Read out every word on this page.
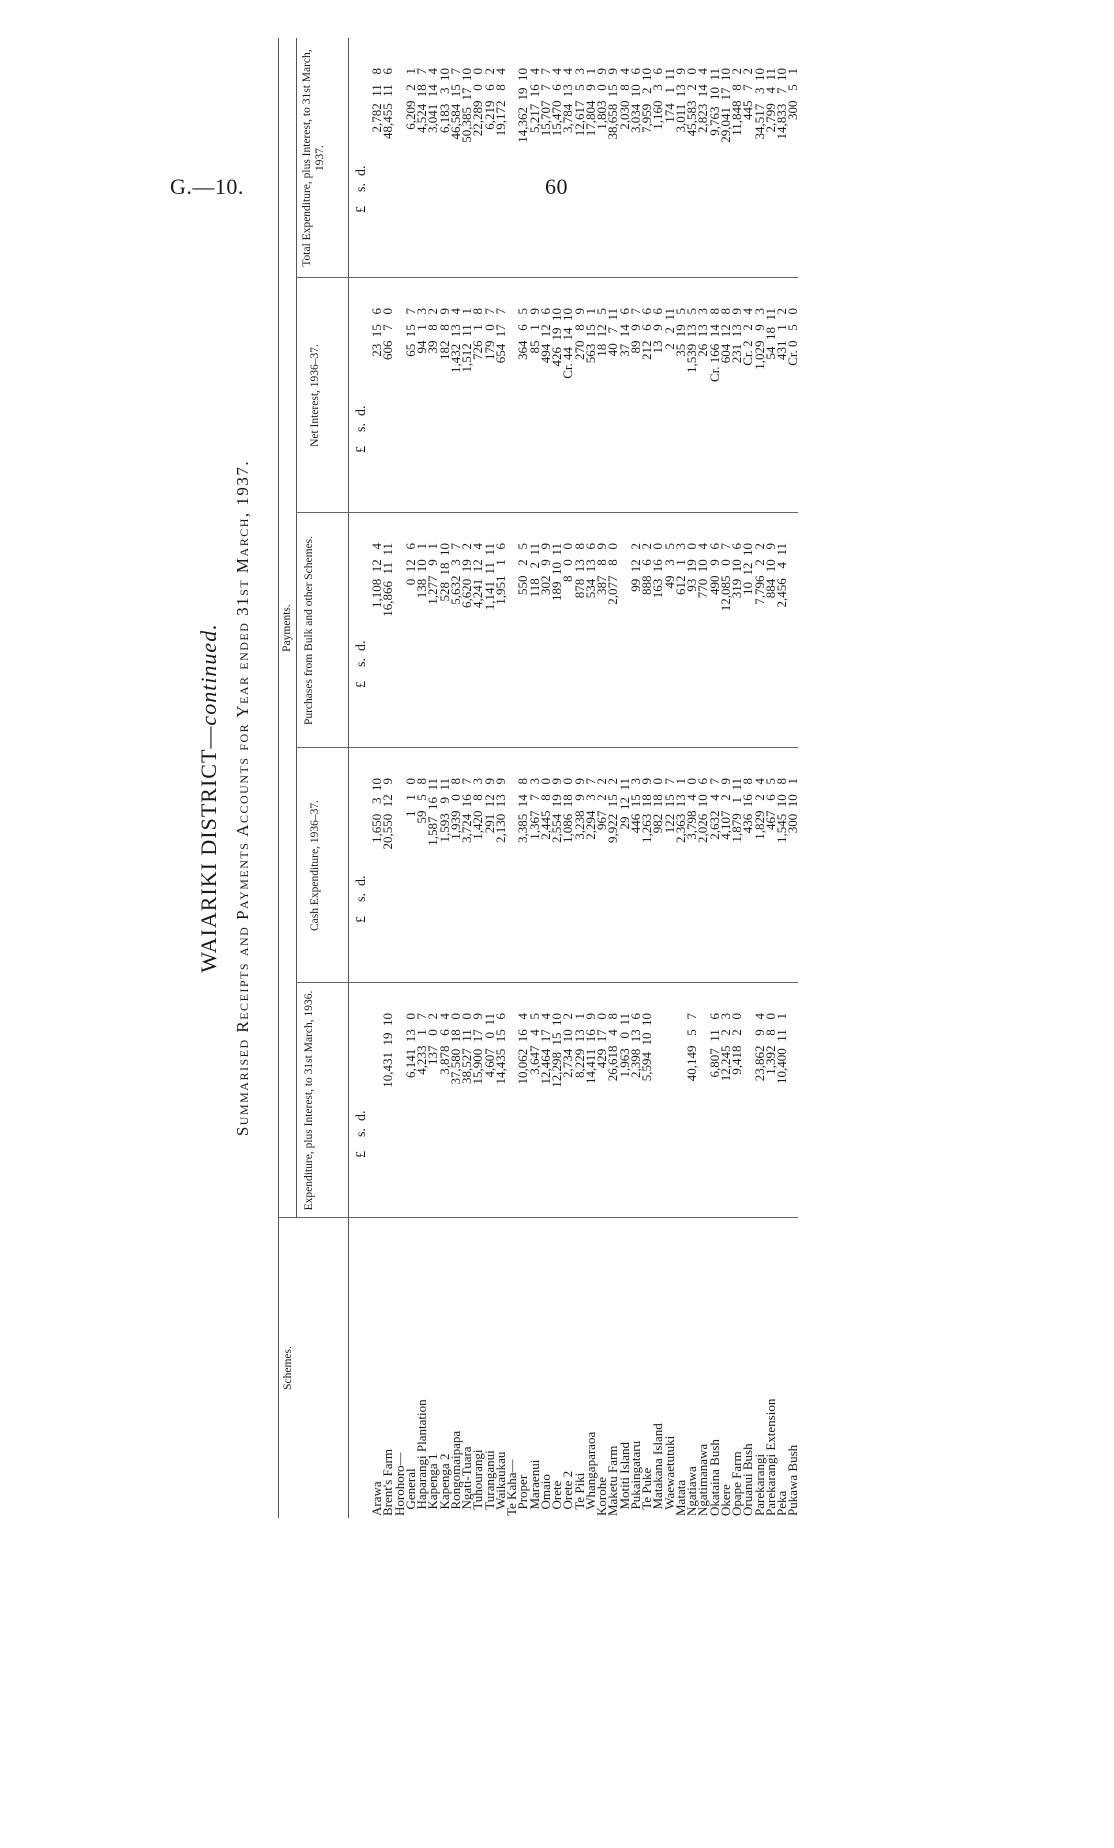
G.—10.	60
WAIARIKI DISTRICT—continued. Summarised Receipts and Payments Accounts for Year ended 31st March, 1937.
Schemes.
Payments.
Expenditure, plus Interest, to 31st March, 1936.
Cash Expenditure, 1936–37.
Purchases from Bulk and other Schemes.
Net Interest, 1936–37.
Total Expenditure, plus Interest, to 31st March, 1937.
£    s.  d.
£    s.  d.
£    s.  d.
£    s.  d.
£    s.  d.
Arawa
1,650   3  10
1,108  12   4
23  15   6
2,782  11   8
Brent's Farm
10,431  19  10
20,550  12   9
16,866  11  11
606   7   0
48,455  11   6
Horohoro—
General
6,141  13   0
1   1   0
0  12   6
65  15   7
6,209   2   1
Haparangi Plantation
4,233   1   7
59   5   8
138  10   1
94   1   3
4,524  18   7
Kapenga 1
137   0   2
1,587  16  11
1,277   9   1
39   8   2
3,041  14   4
Kapenga 2
3,878   6   4
1,593   9  11
528  18  10
182   8   9
6,183   3  10
Rongomaipapa
37,580  18   0
1,939   0   8
5,632   3   7
1,432  13   4
46,584  15   7
Ngati-Tuara
38,527  11   0
3,724  16   7
6,620  19   2
1,512  11   1
50,385  17  10
Tuhourangi
15,900  17   9
1,420   8   3
4,241  12   4
726   1   8
22,289   0   0
Turanganui
4,607   0  11
291  12   9
1,141  11  11
179   0   7
6,219   6   2
Waikaukau
14,435  15   6
2,130  13   9
1,951   1   6
654  17   7
19,172   8   4
Te Kaha—
Proper
10,062  16   4
3,385  14   8
550   2   5
364   6   5
14,362  19  10
Maraenui
3,647   4   5
1,367   7   3
118   2  11
85   1   9
5,217  16   4
Omaio
12,464  17   4
2,445   8   0
302   9   9
494  12   6
15,707   7   7
Orete
12,298  15  10
2,554  19   9
189  10  11
426  19  10
15,470   6   4
Orete 2
2,734  10   2
1,086  18   0
8   0   0
Cr. 44  14  10
3,784  13   4
Te Piki
8,229  13   1
3,238   9   9
878  13   8
270   8   9
12,617   5   3
Whangaparaoa
14,411  16   9
2,294   3   7
534  13   6
563  15   1
17,804   9   1
Korohe
429  17   0
967   2   2
387   8   9
18  12   5
1,803   0   9
Maketu Farm
26,618   4   8
9,922  15   2
2,077   8   0
40   7  11
38,658  15   9
Motiti Island
1,963   0  11
29  12  11
37  14   6
2,030   8   4
Pukaingataru
2,398  13   6
446  15   3
99  12   2
89   9   7
3,034  10   6
Te Puke
5,594  10  10
1,263  18   9
888   6   2
212   6   6
7,959   2  10
Matakana Island
982  18   0
163  16   0
13   9   6
1,160   3   6
Waewaetutuki
122  15   7
49   3   5
2   2  11
174   1  11
Matata
2,363  13   1
612   1   3
35  19   5
3,011  13   9
Ngatiawa
40,149   5   7
3,798   4   0
93  19   0
1,539  13   5
45,583   2   0
Ngatimanawa
2,026  10   6
770  10   4
26  13   3
2,823  14   4
Okataina Bush
6,807  11   6
2,632   4   7
490   9   6
Cr. 166  14   8
9,763  10  11
Okere
12,245   2   3
4,107   2   9
12,085   0   7
604  12   8
29,041  17  10
Opape Farm
9,418   2   0
1,879   1  11
319  10   6
231  13   9
11,848   8   2
Oruanui Bush
436  16   8
10  12  10
Cr. 2   2   4
445   7   2
Parekarangi
23,862   9   4
1,829   2   4
7,796   2   2
1,029   9   3
34,517   3  10
Parekarangi Extension
1,392   8   0
467   6   5
884  10   9
54  18  11
2,799   4  11
Peka
10,400  11   1
1,545  10   8
2,456   4  11
431   1   2
14,833   7  10
Pukawa Bush
300  10   1
Cr. 0   5   0
300   5   1
